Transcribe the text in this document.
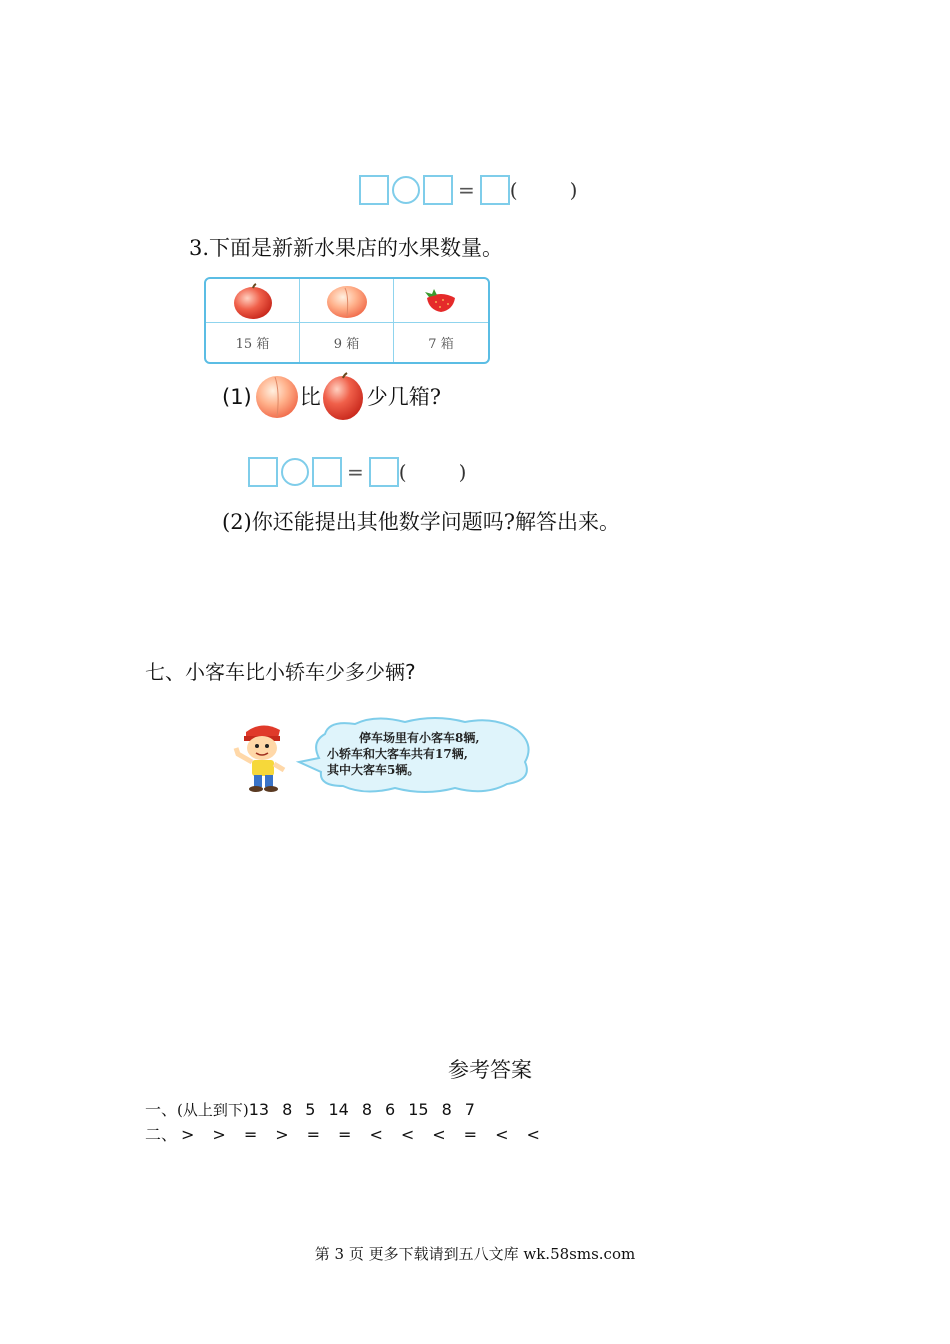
= (	)
3.下面是新新水果店的水果数量。
15 箱	9 箱	7 箱
(1) 比 少几箱?
= (	)
(2)你还能提出其他数学问题吗?解答出来。
七、小客车比小轿车少多少辆?
停车场里有小客车8辆,
小轿车和大客车共有17辆,
其中大客车5辆。
参考答案
一、(从上到下)13 8 5 14 8 6 15 8 7
二、 > > = > = = < < < = < <
第 3 页 更多下载请到五八文库 wk.58sms.com
